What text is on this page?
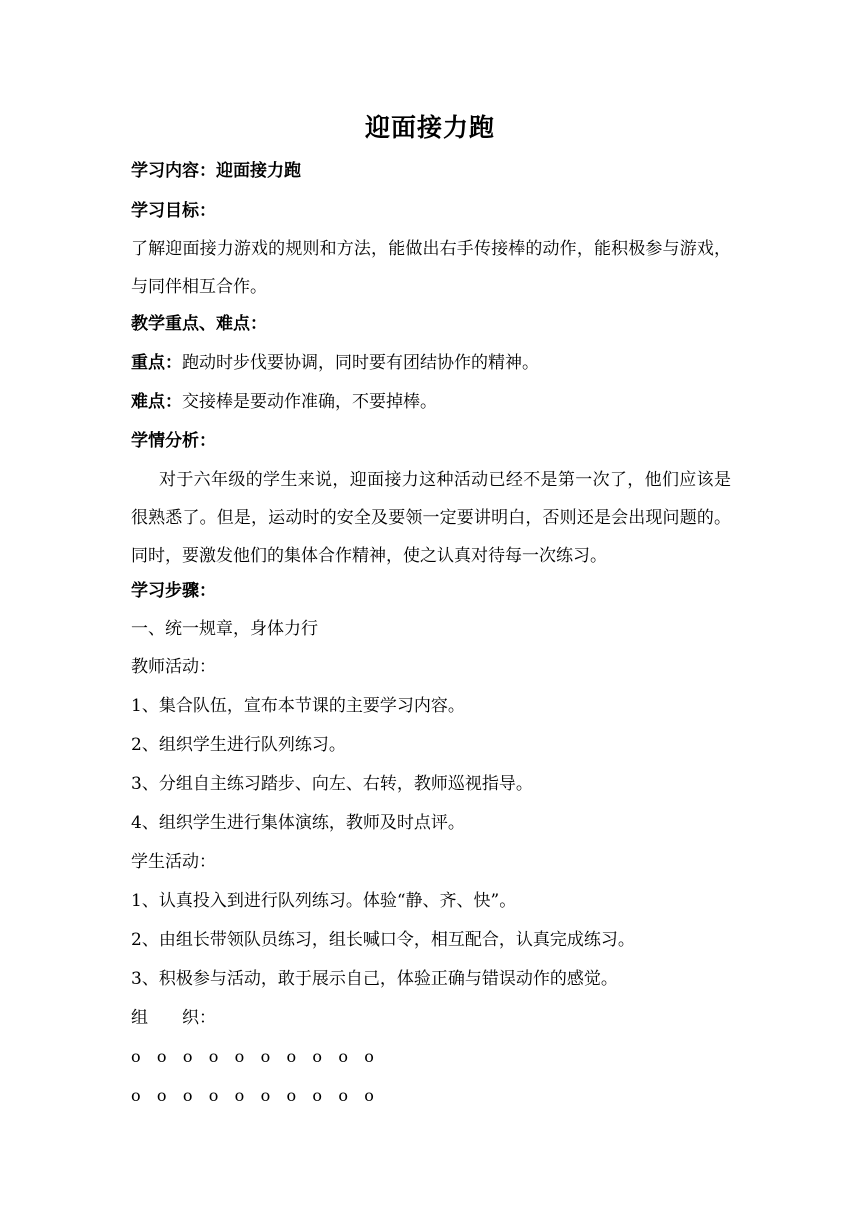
迎面接力跑
学习内容：迎面接力跑
学习目标：
了解迎面接力游戏的规则和方法，能做出右手传接棒的动作，能积极参与游戏，与同伴相互合作。
教学重点、难点：
重点：跑动时步伐要协调，同时要有团结协作的精神。
难点：交接棒是要动作准确，不要掉棒。
学情分析：
对于六年级的学生来说，迎面接力这种活动已经不是第一次了，他们应该是很熟悉了。但是，运动时的安全及要领一定要讲明白，否则还是会出现问题的。同时，要激发他们的集体合作精神，使之认真对待每一次练习。
学习步骤：
一、统一规章，身体力行
教师活动：
1、集合队伍，宣布本节课的主要学习内容。
2、组织学生进行队列练习。
3、分组自主练习踏步、向左、右转，教师巡视指导。
4、组织学生进行集体演练，教师及时点评。
学生活动：
1、认真投入到进行队列练习。体验“静、齐、快”。
2、由组长带领队员练习，组长喊口令，相互配合，认真完成练习。
3、积极参与活动，敢于展示自己，体验正确与错误动作的感觉。
组 织：
o o o o o o o o o o
o o o o o o o o o o
